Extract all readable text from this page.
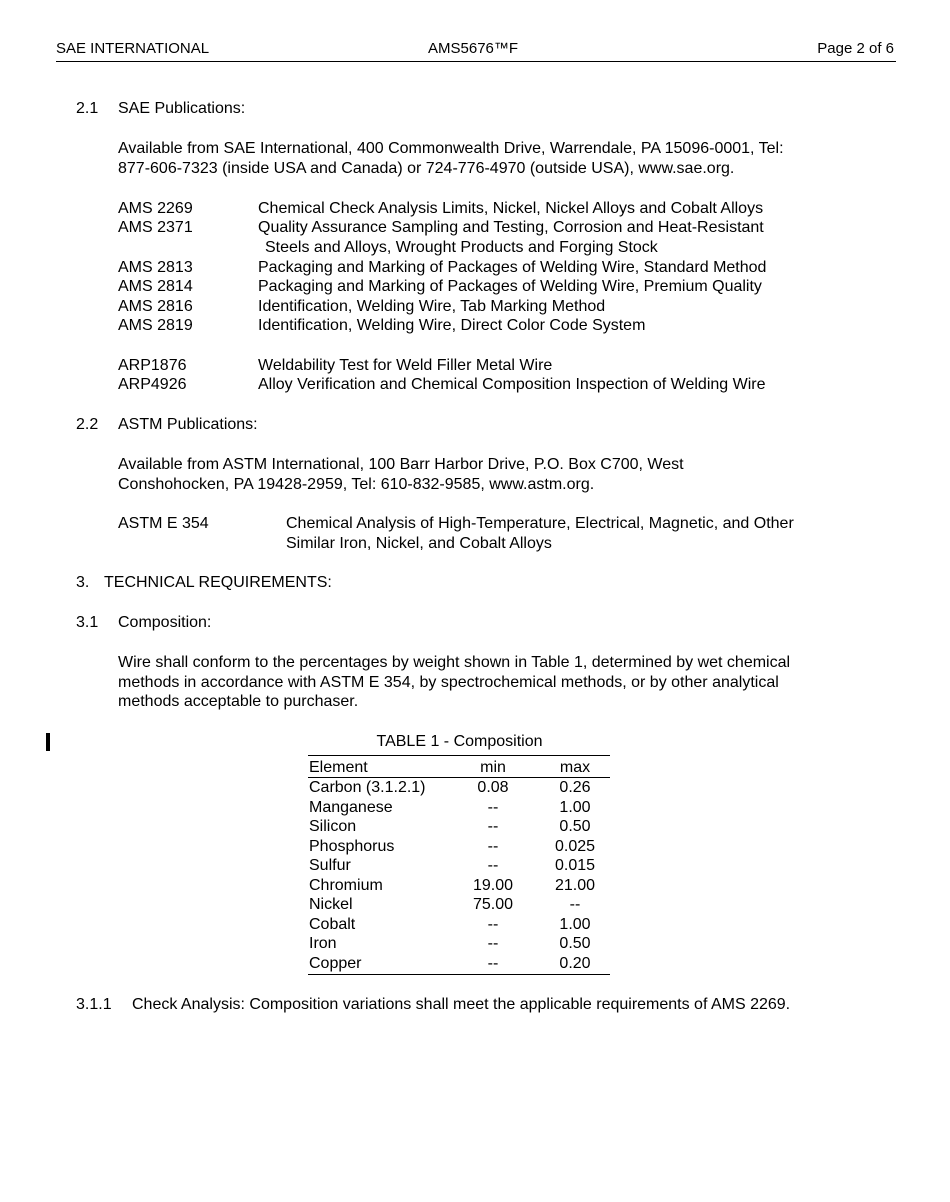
SAE INTERNATIONAL	AMS5676™F	Page 2 of 6
2.1 SAE Publications:
Available from SAE International, 400 Commonwealth Drive, Warrendale, PA 15096-0001, Tel:
877-606-7323 (inside USA and Canada) or 724-776-4970 (outside USA), www.sae.org.
AMS 2269	Chemical Check Analysis Limits, Nickel, Nickel Alloys and Cobalt Alloys
AMS 2371	Quality Assurance Sampling and Testing, Corrosion and Heat-Resistant
Steels and Alloys, Wrought Products and Forging Stock
AMS 2813	Packaging and Marking of Packages of Welding Wire, Standard Method
AMS 2814	Packaging and Marking of Packages of Welding Wire, Premium Quality
AMS 2816	Identification, Welding Wire, Tab Marking Method
AMS 2819	Identification, Welding Wire, Direct Color Code System
ARP1876	Weldability Test for Weld Filler Metal Wire
ARP4926	Alloy Verification and Chemical Composition Inspection of Welding Wire
2.2 ASTM Publications:
Available from ASTM International, 100 Barr Harbor Drive, P.O. Box C700, West
Conshohocken, PA 19428-2959, Tel: 610-832-9585, www.astm.org.
ASTM E 354	Chemical Analysis of High-Temperature, Electrical, Magnetic, and Other
Similar Iron, Nickel, and Cobalt Alloys
3. TECHNICAL REQUIREMENTS:
3.1 Composition:
Wire shall conform to the percentages by weight shown in Table 1, determined by wet chemical
methods in accordance with ASTM E 354, by spectrochemical methods, or by other analytical
methods acceptable to purchaser.
TABLE 1 - Composition
Element	min	max
Carbon (3.1.2.1)	0.08	0.26
Manganese	--	1.00
Silicon	--	0.50
Phosphorus	--	0.025
Sulfur	--	0.015
Chromium	19.00	21.00
Nickel	75.00	--
Cobalt	--	1.00
Iron	--	0.50
Copper	--	0.20
3.1.1 Check Analysis: Composition variations shall meet the applicable requirements of AMS 2269.
